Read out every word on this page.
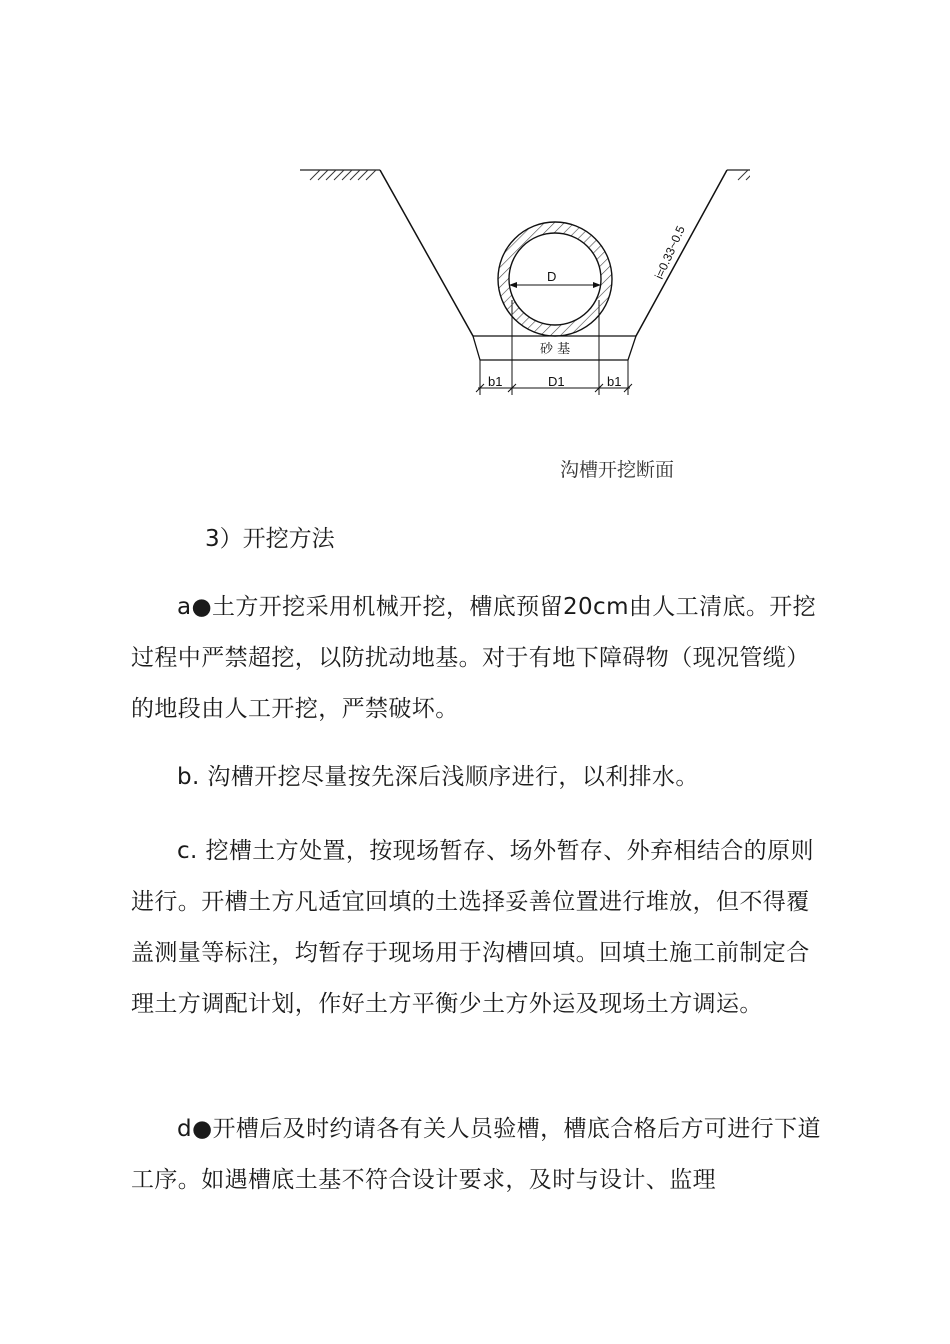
D	i=0.33~0.5
砂 基
b1	D1	b1
沟槽开挖断面
3）开挖方法

a●土方开挖采用机械开挖，槽底预留20cm由人工清底。开挖过程中严禁超挖，以防扰动地基。对于有地下障碍物（现况管缆）的地段由人工开挖，严禁破坏。

b. 沟槽开挖尽量按先深后浅顺序进行，以利排水。

c. 挖槽土方处置，按现场暂存、场外暂存、外弃相结合的原则进行。开槽土方凡适宜回填的土选择妥善位置进行堆放，但不得覆盖测量等标注，均暂存于现场用于沟槽回填。回填土施工前制定合理土方调配计划，作好土方平衡少土方外运及现场土方调运。

d●开槽后及时约请各有关人员验槽，槽底合格后方可进行下道工序。如遇槽底土基不符合设计要求，及时与设计、监理
